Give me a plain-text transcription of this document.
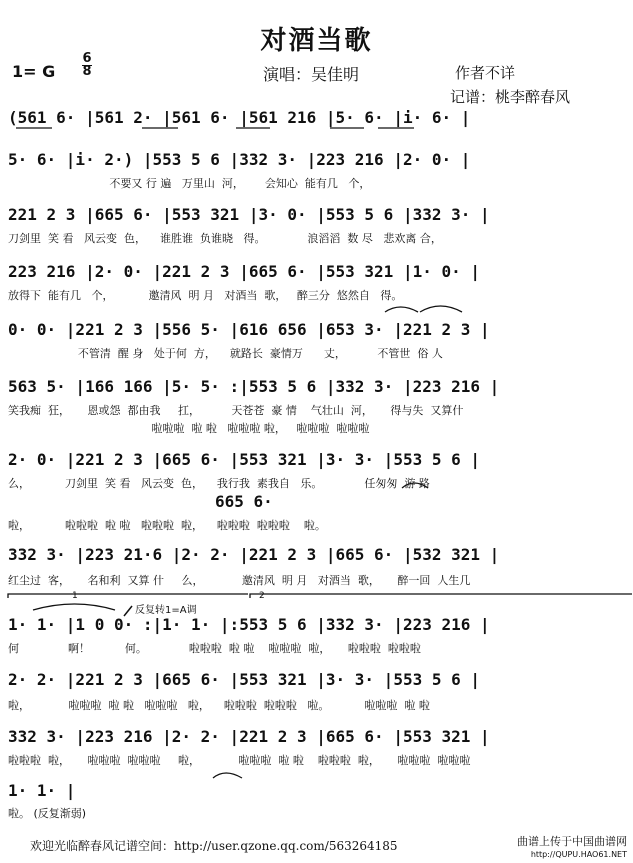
对酒当歌
1= G
6
8	演唱：吴佳明	作者不详
记谱：桃李醉春风
(561 6· |561 2· |561 6· |561 216 |5· 6· |i· 6· |
5· 6· |i· 2·) |553 5 6 |332 3· |223 216 |2· 0· |
不要又 行 遍   万里山  河，      会知心  能有几   个，
221 2 3 |665 6· |553 321 |3· 0· |553 5 6 |332 3· |
刀剑里  笑 看   风云变  色，    谁胜谁  负谁晓   得。            浪滔滔  数 尽   悲欢离 合，
223 216 |2· 0· |221 2 3 |665 6· |553 321 |1· 0· |
放得下  能有几   个，          邀清风  明 月   对酒当  歌，   醉三分  悠然自   得。
0· 0· |221 2 3 |556 5· |616 656 |653 3· |221 2 3 |
不管清  醒 身   处于何  方，    就路长  豪情万      丈，         不管世  俗 人
563 5· |166 166 |5· 5· :|553 5 6 |332 3· |223 216 |
笑我痴  狂，     恩或怨  都由我     扛，         天苍苍  豪 情    气壮山  河，     得与失  又算什
啦啦啦  啦 啦   啦啦啦 啦，   啦啦啦  啦啦啦
2· 0· |221 2 3 |665 6· |553 321 |3· 3· |553 5 6 |
么，          刀剑里  笑 看   风云变  色，    我行我  素我自   乐。            任匆匆  游 路
665 6·
啦，          啦啦啦  啦 啦   啦啦啦  啦，    啦啦啦  啦啦啦    啦。
332 3· |223 21·6 |2· 2· |221 2 3 |665 6· |532 321 |
红尘过  客，     名和利  又算 什     么，           邀清风  明 月   对酒当  歌，     醉一回  人生几
1	2
反复转1=A调
1· 1· |1 0 0· :|1· 1· |:553 5 6 |332 3· |223 216 |
何              啊！          何。            啦啦啦  啦 啦    啦啦啦  啦，     啦啦啦  啦啦啦
2· 2· |221 2 3 |665 6· |553 321 |3· 3· |553 5 6 |
啦，           啦啦啦  啦 啦   啦啦啦   啦，    啦啦啦  啦啦啦   啦。          啦啦啦  啦 啦
332 3· |223 216 |2· 2· |221 2 3 |665 6· |553 321 |
啦啦啦  啦，     啦啦啦  啦啦啦     啦，           啦啦啦  啦 啦    啦啦啦  啦，     啦啦啦  啦啦啦
1· 1· |
啦。 (反复渐弱)
欢迎光临醉春风记谱空间：http://user.qzone.qq.com/563264185	曲谱上传于中国曲谱网
http://QUPU.HAO61.NET
